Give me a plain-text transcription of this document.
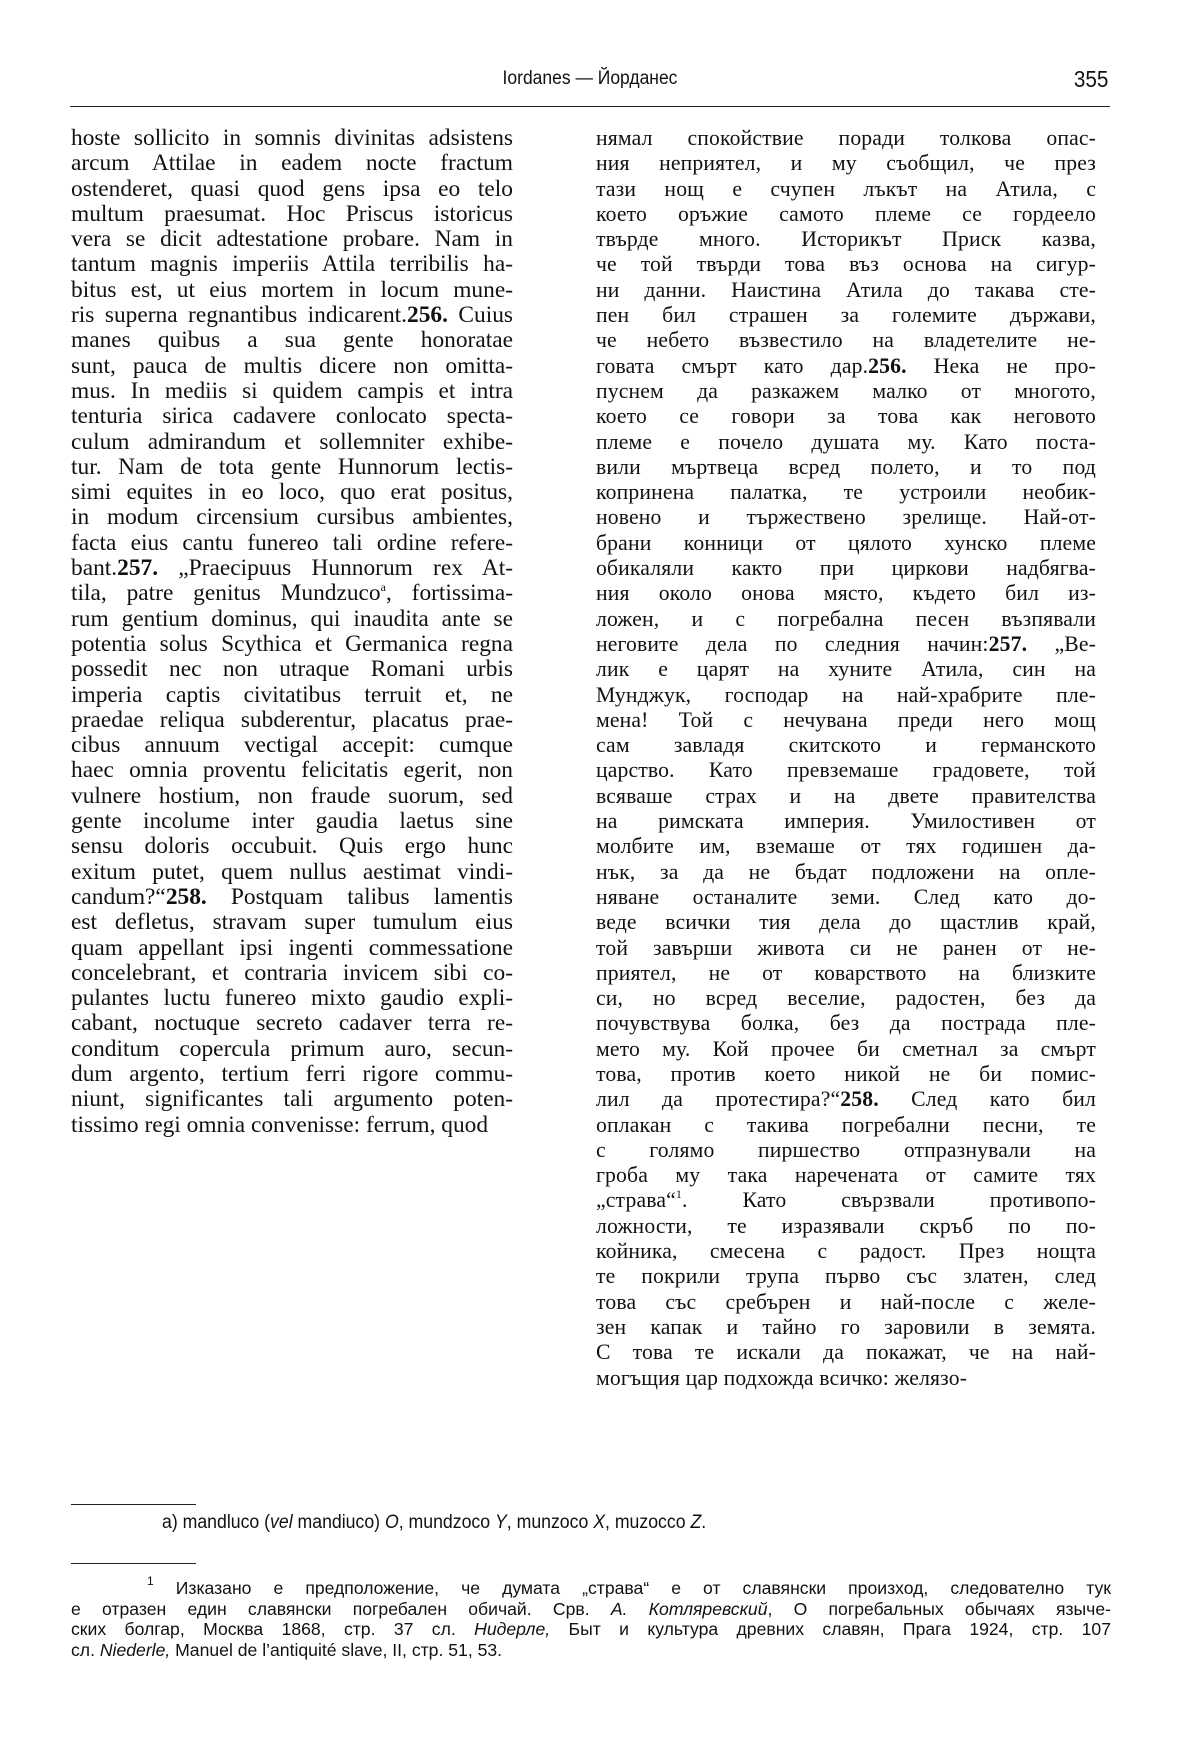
Iordanes — Йорданес	355
hoste sollicito in somnis divinitas adsistens
arcum Attilae in eadem nocte fractum
ostenderet, quasi quod gens ipsa eo telo
multum praesumat. Hoc Priscus istoricus
vera se dicit adtestatione probare. Nam in
tantum magnis imperiis Attila terribilis ha-
bitus est, ut eius mortem in locum mune-
ris superna regnantibus indicarent.256. Cuius
manes quibus a sua gente honoratae
sunt, pauca de multis dicere non omitta-
mus. In mediis si quidem campis et intra
tenturia sirica cadavere conlocato specta-
culum admirandum et sollemniter exhibe-
tur. Nam de tota gente Hunnorum lectis-
simi equites in eo loco, quo erat positus,
in modum circensium cursibus ambientes,
facta eius cantu funereo tali ordine refere-
bant.257. „Praecipuus Hunnorum rex At-
tila, patre genitus Mundzuco$^a$, fortissima-
rum gentium dominus, qui inaudita ante se
potentia solus Scythica et Germanica regna
possedit nec non utraque Romani urbis
imperia captis civitatibus terruit et, ne
praedae reliqua subderentur, placatus prae-
cibus annuum vectigal accepit: cumque
haec omnia proventu felicitatis egerit, non
vulnere hostium, non fraude suorum, sed
gente incolume inter gaudia laetus sine
sensu doloris occubuit. Quis ergo hunc
exitum putet, quem nullus aestimat vindi-
candum?“258. Postquam talibus lamentis
est defletus, stravam super tumulum eius
quam appellant ipsi ingenti commessatione
concelebrant, et contraria invicem sibi co-
pulantes luctu funereo mixto gaudio expli-
cabant, noctuque secreto cadaver terra re-
conditum copercula primum auro, secun-
dum argento, tertium ferri rigore commu-
niunt, significantes tali argumento poten-
tissimo regi omnia convenisse: ferrum, quod
нямал спокойствие поради толкова опас-
ния неприятел, и му съобщил, че през
тази нощ е счупен лъкът на Атила, с
което оръжие самото племе се гордеело
твърде много. Историкът Приск казва,
че той твърди това въз основа на сигур-
ни данни. Наистина Атила до такава сте-
пен бил страшен за големите държави,
че небето възвестило на владетелите не-
говата смърт като дар.256. Нека не про-
пуснем да разкажем малко от многото,
което се говори за това как неговото
племе е почело душата му. Като поста-
вили мъртвеца всред полето, и то под
копринена палатка, те устроили необик-
новено и тържествено зрелище. Най-от-
брани конници от цялото хунско племе
обикаляли както при циркови надбягва-
ния около онова място, където бил из-
ложен, и с погребална песен възпявали
неговите дела по следния начин:257. „Ве-
лик е царят на хуните Атила, син на
Мунджук, господар на най-храбрите пле-
мена! Той с нечувана преди него мощ
сам завладя скитското и германското
царство. Като превземаше градовете, той
всяваше страх и на двете правителства
на римската империя. Умилостивен от
молбите им, вземаше от тях годишен да-
нък, за да не бъдат подложени на опле-
няване останалите земи. След като до-
веде всички тия дела до щастлив край,
той завърши живота си не ранен от не-
приятел, не от коварството на близките
си, но всред веселие, радостен, без да
почувствува болка, без да пострада пле-
мето му. Кой прочее би сметнал за смърт
това, против което никой не би помис-
лил да протестира?“258. След като бил
оплакан с такива погребални песни, те
с голямо пиршество отпразнували на
гроба му така наречената от самите тях
„страва“$^1$. Като свързвали противопо-
ложности, те изразявали скръб по по-
койника, смесена с радост. През нощта
те покрили трупа първо със златен, след
това със сребърен и най-после с желе-
зен капак и тайно го заровили в земята.
С това те искали да покажат, че на най-
могъщия цар подхожда всичко: желязо-
a) mandluco (vel mandiuco) O, mundzoco Y, munzoco X, muzocco Z.
$^1$ Изказано е предположение, че думата „страва“ е от славянски произход, следователно тук
е отразен един славянски погребален обичай. Срв. А. Котляревский, О погребальных обычаях языче-
ских болгар, Москва 1868, стр. 37 сл. Нидерле, Быт и культура древних славян, Прага 1924, стр. 107
сл. Niederle, Manuel de l’antiquité slave, II, стр. 51, 53.
